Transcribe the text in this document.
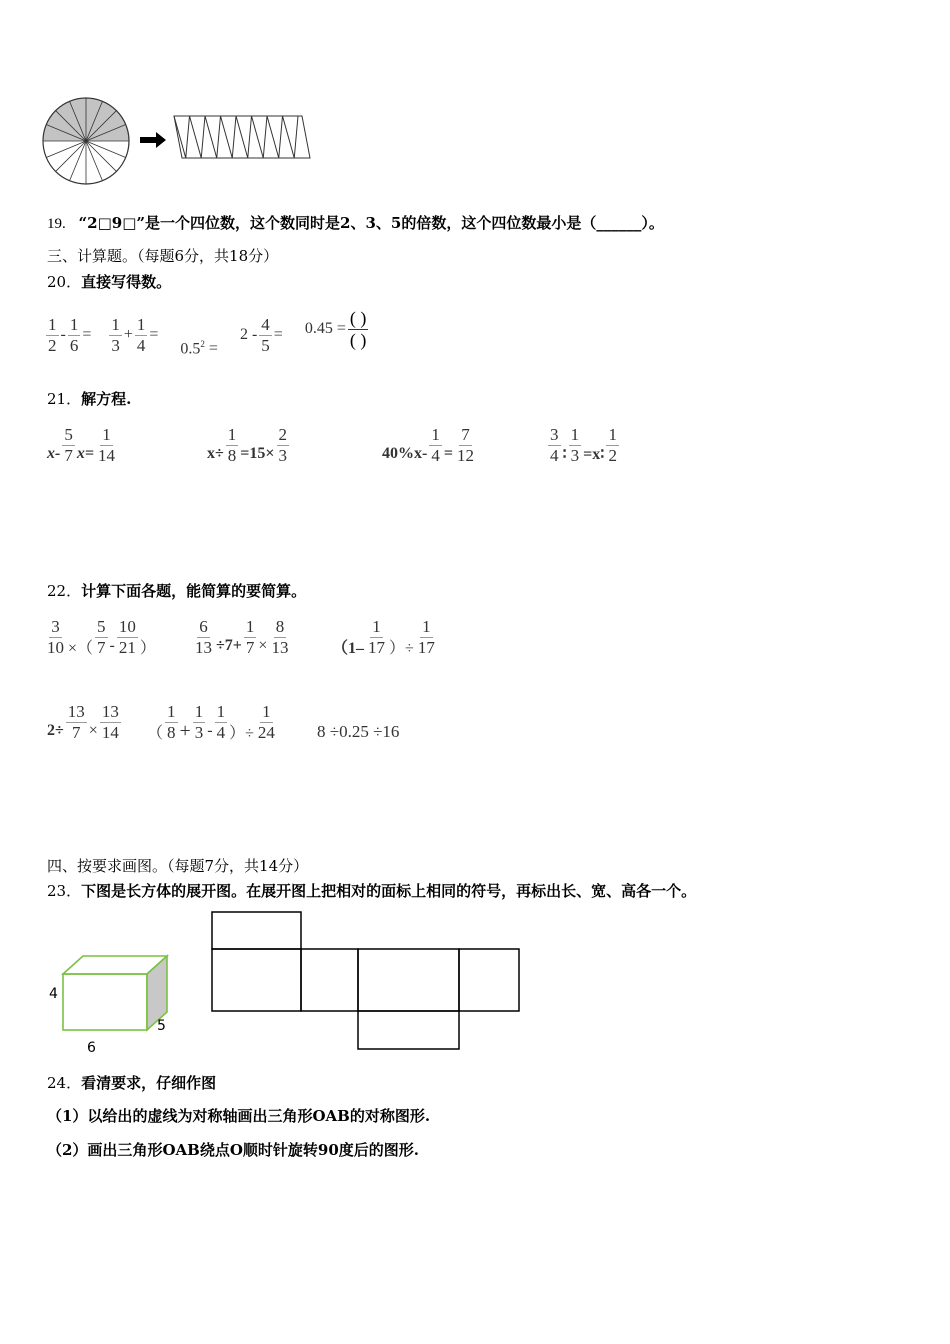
19. “2□9□”是一个四位数，这个数同时是2、3、5的倍数，这个四位数最小是（______）。
三、计算题。（每题6分，共18分）
20．直接写得数。
$\frac{1}{2} - \frac{1}{6} = \frac{1}{3} + \frac{1}{4}$ =
$0.5^2$ =
$2 - \frac{4}{5} = 0.45 = \frac{( )}{( )}$
21．解方程.
$x- \frac{5}{7} x= \frac{1}{14}$	$x\div \frac{1}{8} =15\times \frac{2}{3}$	$40\%x- \frac{1}{4} = \frac{7}{12}$	$\frac{3}{4}$ ∶ $\frac{1}{3}$ =x∶ $\frac{1}{2}$
22．计算下面各题，能简算的要简算。
$\frac{3}{10}$ ×（ $\frac{5}{7} - \frac{10}{21}$ ） $\frac{6}{13} \div 7+ \frac{1}{7} \times \frac{8}{13}$	（$1- \frac{1}{17}$ ）÷ $\frac{1}{17}$
$2\div \frac{13}{7} \times \frac{13}{14}$ （ $\frac{1}{8} + \frac{1}{3} - \frac{1}{4}$ ）÷ $\frac{1}{24} 8 \div 0.25 \div 16$
四、按要求画图。（每题7分，共14分）
23．下图是长方体的展开图。在展开图上把相对的面标上相同的符号，再标出长、宽、高各一个。
4
5
6
24．看清要求，仔细作图
（1）以给出的虚线为对称轴画出三角形OAB的对称图形.
（2）画出三角形OAB绕点O顺时针旋转90度后的图形.
